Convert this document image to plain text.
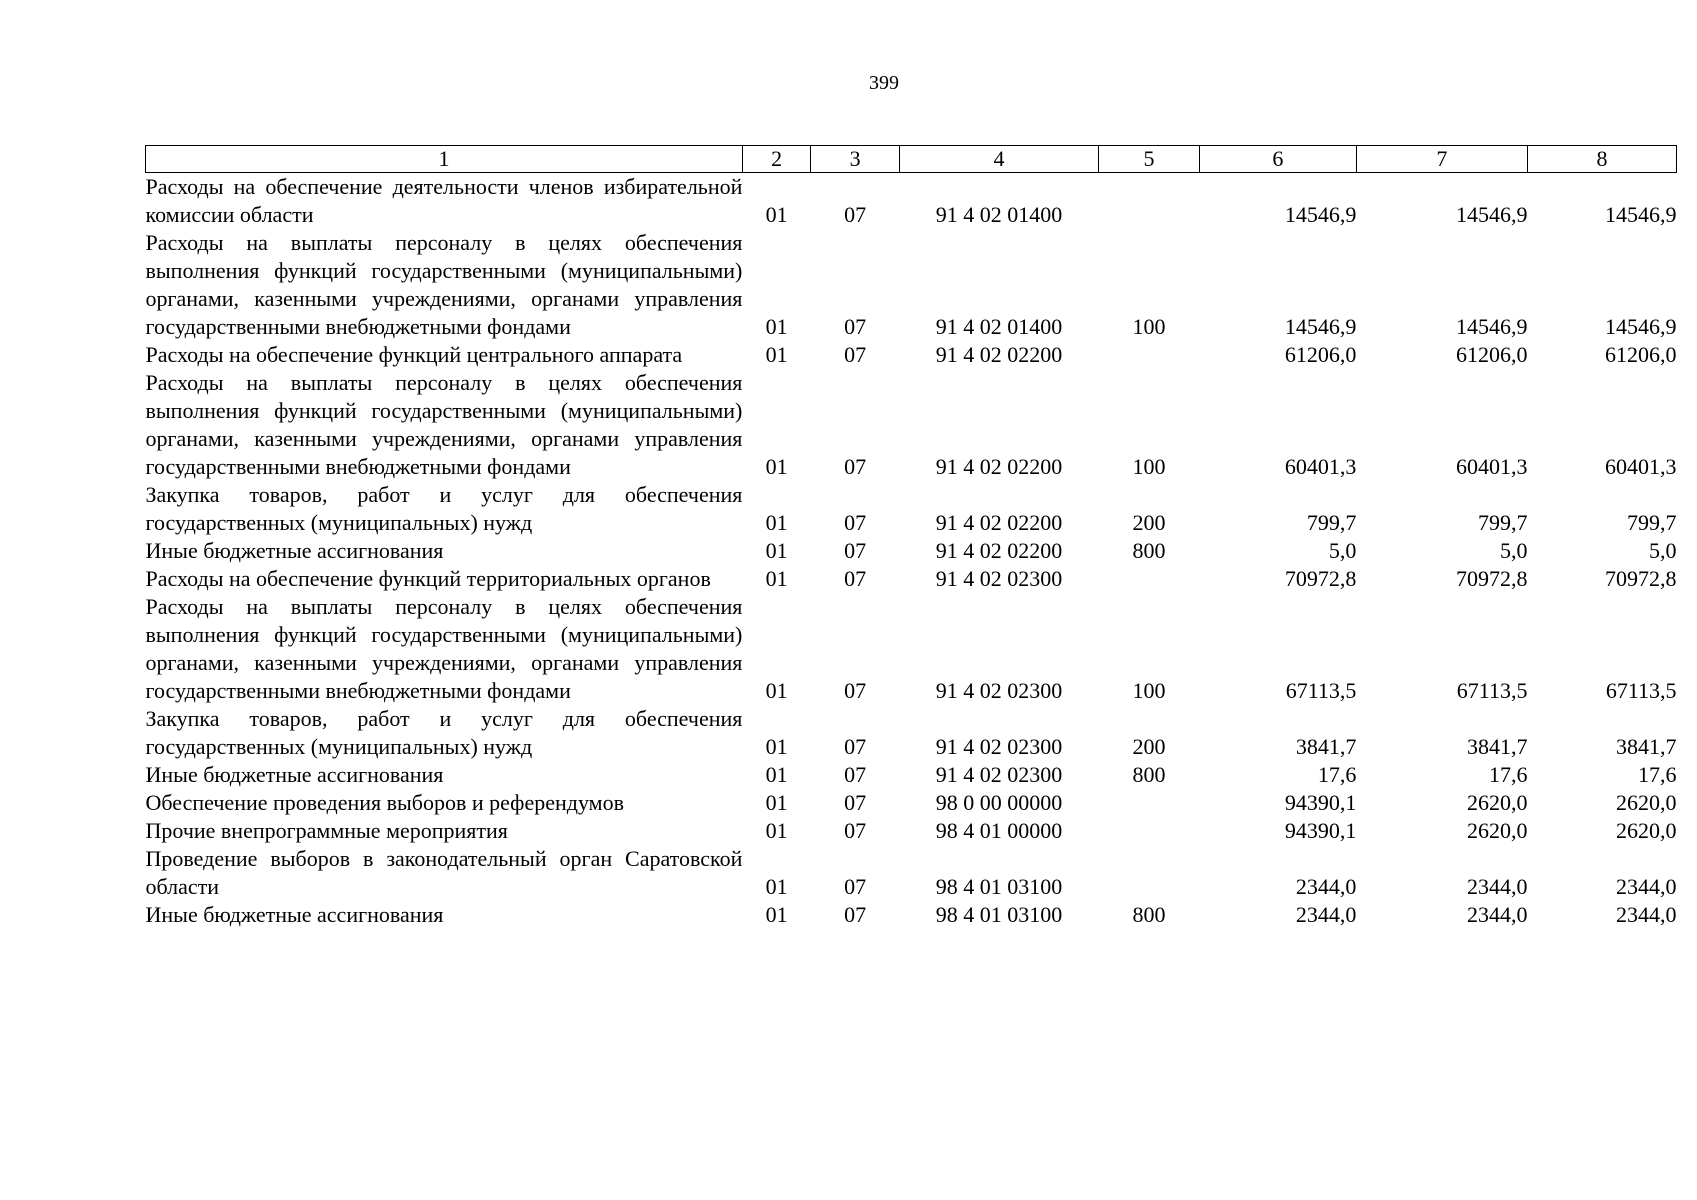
399
1	2	3	4	5	6	7	8
Расходы на обеспечение деятельности членов избирательной комиссии области	01	07	91 4 02 01400		14546,9	14546,9	14546,9
Расходы на выплаты персоналу в целях обеспечения выполнения функций государственными (муниципальными) органами, казенными учреждениями, органами управления государственными внебюджетными фондами	01	07	91 4 02 01400	100	14546,9	14546,9	14546,9
Расходы на обеспечение функций центрального аппарата	01	07	91 4 02 02200		61206,0	61206,0	61206,0
Расходы на выплаты персоналу в целях обеспечения выполнения функций государственными (муниципальными) органами, казенными учреждениями, органами управления государственными внебюджетными фондами	01	07	91 4 02 02200	100	60401,3	60401,3	60401,3
Закупка товаров, работ и услуг для обеспечения государственных (муниципальных) нужд	01	07	91 4 02 02200	200	799,7	799,7	799,7
Иные бюджетные ассигнования	01	07	91 4 02 02200	800	5,0	5,0	5,0
Расходы на обеспечение функций территориальных органов	01	07	91 4 02 02300		70972,8	70972,8	70972,8
Расходы на выплаты персоналу в целях обеспечения выполнения функций государственными (муниципальными) органами, казенными учреждениями, органами управления государственными внебюджетными фондами	01	07	91 4 02 02300	100	67113,5	67113,5	67113,5
Закупка товаров, работ и услуг для обеспечения государственных (муниципальных) нужд	01	07	91 4 02 02300	200	3841,7	3841,7	3841,7
Иные бюджетные ассигнования	01	07	91 4 02 02300	800	17,6	17,6	17,6
Обеспечение проведения выборов и референдумов	01	07	98 0 00 00000		94390,1	2620,0	2620,0
Прочие внепрограммные мероприятия	01	07	98 4 01 00000		94390,1	2620,0	2620,0
Проведение выборов в законодательный орган Саратовской области	01	07	98 4 01 03100		2344,0	2344,0	2344,0
Иные бюджетные ассигнования	01	07	98 4 01 03100	800	2344,0	2344,0	2344,0
